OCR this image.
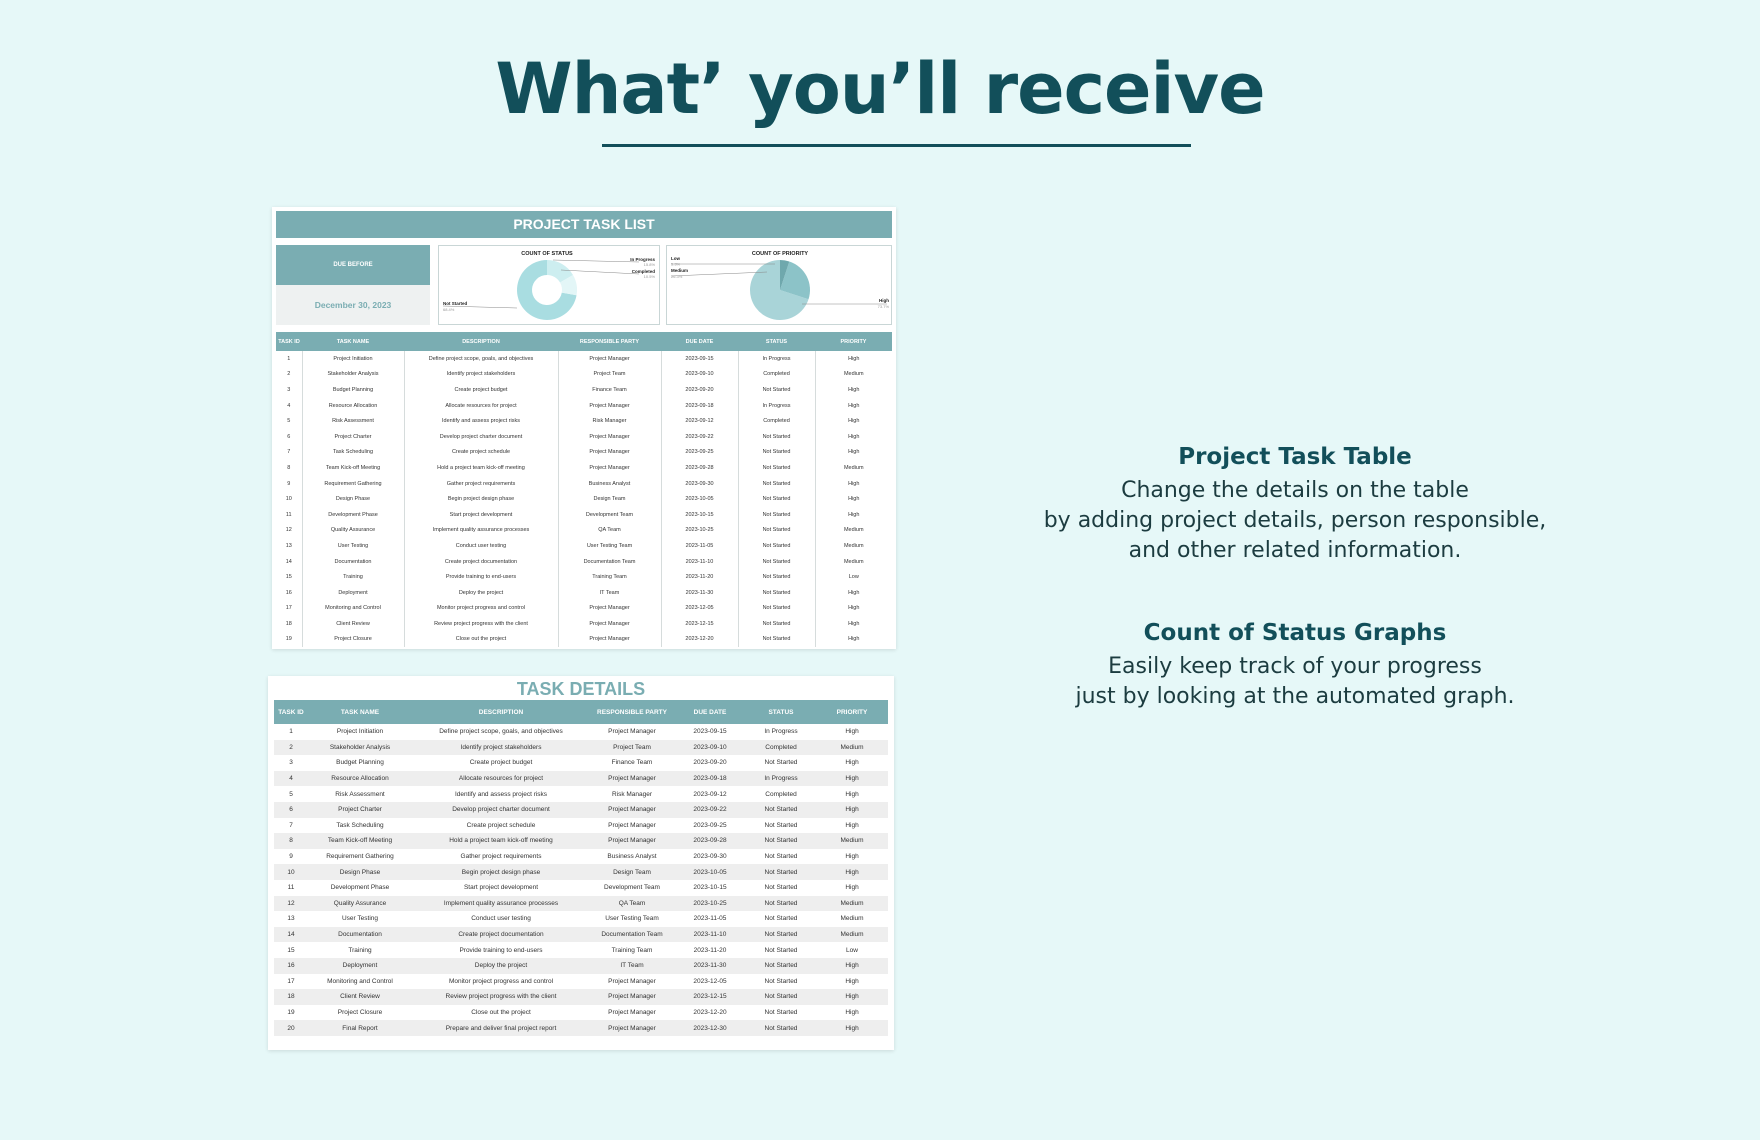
What’ you’ll receive
PROJECT TASK LIST
DUE BEFORE
December 30, 2023
COUNT OF STATUS
In Progress
15.8%
Completed
10.5%
Not Started
68.4%
COUNT OF PRIORITY
Low
5.3%
Medium
26.3%
High
73.7%
TASK ID	TASK NAME	DESCRIPTION	RESPONSIBLE PARTY	DUE DATE	STATUS	PRIORITY
1	Project Initiation	Define project scope, goals, and objectives	Project Manager	2023-09-15	In Progress	High
2	Stakeholder Analysis	Identify project stakeholders	Project Team	2023-09-10	Completed	Medium
3	Budget Planning	Create project budget	Finance Team	2023-09-20	Not Started	High
4	Resource Allocation	Allocate resources for project	Project Manager	2023-09-18	In Progress	High
5	Risk Assessment	Identify and assess project risks	Risk Manager	2023-09-12	Completed	High
6	Project Charter	Develop project charter document	Project Manager	2023-09-22	Not Started	High
7	Task Scheduling	Create project schedule	Project Manager	2023-09-25	Not Started	High
8	Team Kick-off Meeting	Hold a project team kick-off meeting	Project Manager	2023-09-28	Not Started	Medium
9	Requirement Gathering	Gather project requirements	Business Analyst	2023-09-30	Not Started	High
10	Design Phase	Begin project design phase	Design Team	2023-10-05	Not Started	High
11	Development Phase	Start project development	Development Team	2023-10-15	Not Started	High
12	Quality Assurance	Implement quality assurance processes	QA Team	2023-10-25	Not Started	Medium
13	User Testing	Conduct user testing	User Testing Team	2023-11-05	Not Started	Medium
14	Documentation	Create project documentation	Documentation Team	2023-11-10	Not Started	Medium
15	Training	Provide training to end-users	Training Team	2023-11-20	Not Started	Low
16	Deployment	Deploy the project	IT Team	2023-11-30	Not Started	High
17	Monitoring and Control	Monitor project progress and control	Project Manager	2023-12-05	Not Started	High
18	Client Review	Review project progress with the client	Project Manager	2023-12-15	Not Started	High
19	Project Closure	Close out the project	Project Manager	2023-12-20	Not Started	High
TASK DETAILS
TASK ID	TASK NAME	DESCRIPTION	RESPONSIBLE PARTY	DUE DATE	STATUS	PRIORITY
1	Project Initiation	Define project scope, goals, and objectives	Project Manager	2023-09-15	In Progress	High
2	Stakeholder Analysis	Identify project stakeholders	Project Team	2023-09-10	Completed	Medium
3	Budget Planning	Create project budget	Finance Team	2023-09-20	Not Started	High
4	Resource Allocation	Allocate resources for project	Project Manager	2023-09-18	In Progress	High
5	Risk Assessment	Identify and assess project risks	Risk Manager	2023-09-12	Completed	High
6	Project Charter	Develop project charter document	Project Manager	2023-09-22	Not Started	High
7	Task Scheduling	Create project schedule	Project Manager	2023-09-25	Not Started	High
8	Team Kick-off Meeting	Hold a project team kick-off meeting	Project Manager	2023-09-28	Not Started	Medium
9	Requirement Gathering	Gather project requirements	Business Analyst	2023-09-30	Not Started	High
10	Design Phase	Begin project design phase	Design Team	2023-10-05	Not Started	High
11	Development Phase	Start project development	Development Team	2023-10-15	Not Started	High
12	Quality Assurance	Implement quality assurance processes	QA Team	2023-10-25	Not Started	Medium
13	User Testing	Conduct user testing	User Testing Team	2023-11-05	Not Started	Medium
14	Documentation	Create project documentation	Documentation Team	2023-11-10	Not Started	Medium
15	Training	Provide training to end-users	Training Team	2023-11-20	Not Started	Low
16	Deployment	Deploy the project	IT Team	2023-11-30	Not Started	High
17	Monitoring and Control	Monitor project progress and control	Project Manager	2023-12-05	Not Started	High
18	Client Review	Review project progress with the client	Project Manager	2023-12-15	Not Started	High
19	Project Closure	Close out the project	Project Manager	2023-12-20	Not Started	High
20	Final Report	Prepare and deliver final project report	Project Manager	2023-12-30	Not Started	High
Project Task Table

Change the details on the table

by adding project details, person responsible,

and other related information.

Count of Status Graphs

Easily keep track of your progress

just by looking at the automated graph.
